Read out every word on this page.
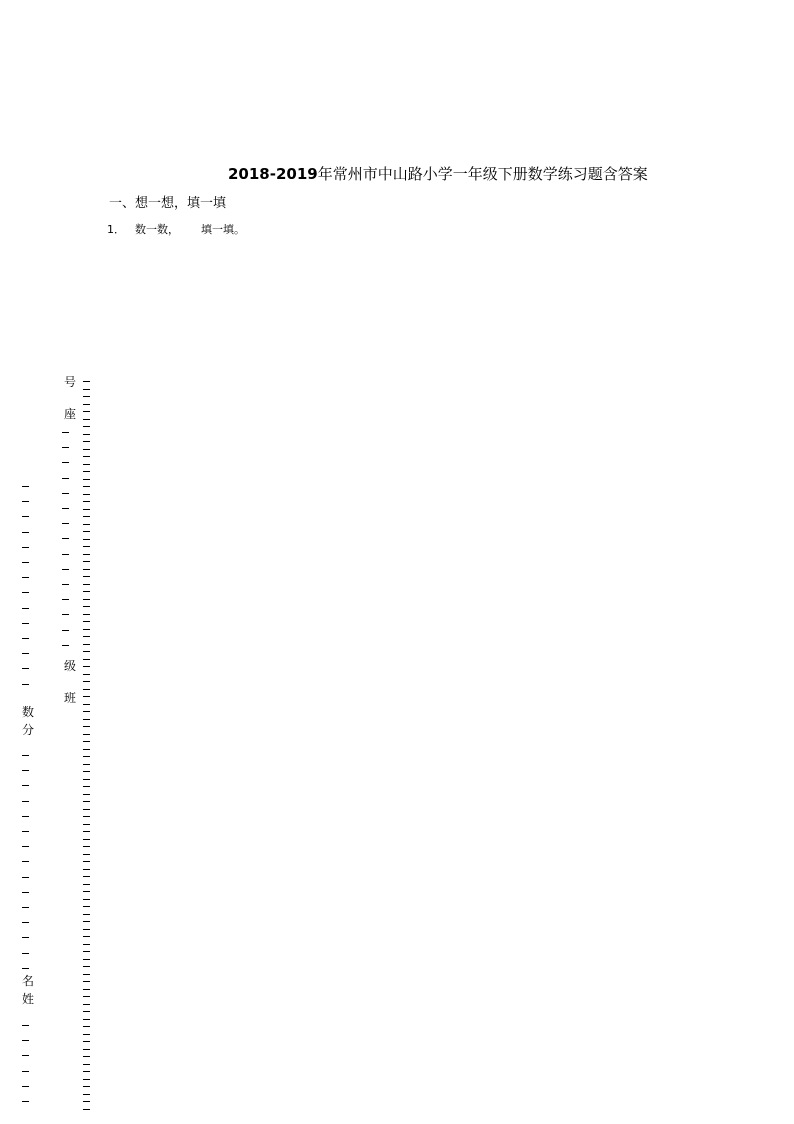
2018-2019年常州市中山路小学一年级下册数学练习题含答案
一、想一想，填一填
1． 数一数， 填一填。
号座
级班
数分
名姓
